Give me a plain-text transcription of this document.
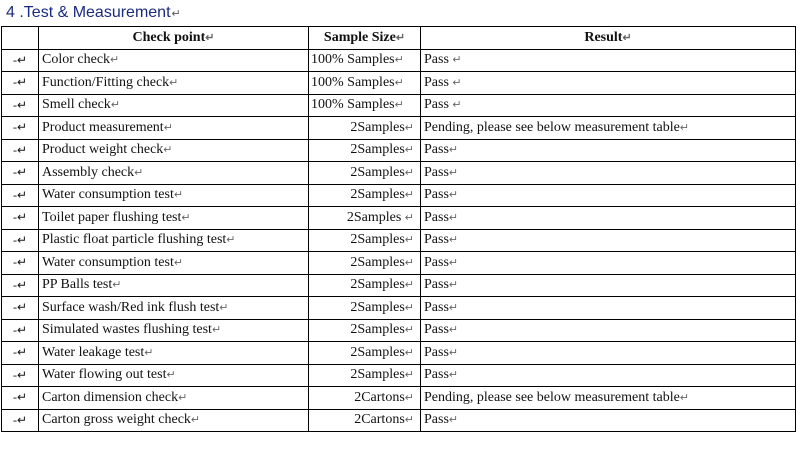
4 .Test & Measurement↵
	Check point↵	Sample Size↵	Result↵
-↵	Color check↵	100% Samples↵	Pass ↵
-↵	Function/Fitting check↵	100% Samples↵	Pass ↵
-↵	Smell check↵	100% Samples↵	Pass ↵
-↵	Product measurement↵	2Samples↵	Pending, please see below measurement table↵
-↵	Product weight check↵	2Samples↵	Pass↵
-↵	Assembly check↵	2Samples↵	Pass↵
-↵	Water consumption test↵	2Samples↵	Pass↵
-↵	Toilet paper flushing test↵	2Samples ↵	Pass↵
-↵	Plastic float particle flushing test↵	2Samples↵	Pass↵
-↵	Water consumption test↵	2Samples↵	Pass↵
-↵	PP Balls test↵	2Samples↵	Pass↵
-↵	Surface wash/Red ink flush test↵	2Samples↵	Pass↵
-↵	Simulated wastes flushing test↵	2Samples↵	Pass↵
-↵	Water leakage test↵	2Samples↵	Pass↵
-↵	Water flowing out test↵	2Samples↵	Pass↵
-↵	Carton dimension check↵	2Cartons↵	Pending, please see below measurement table↵
-↵	Carton gross weight check↵	2Cartons↵	Pass↵
